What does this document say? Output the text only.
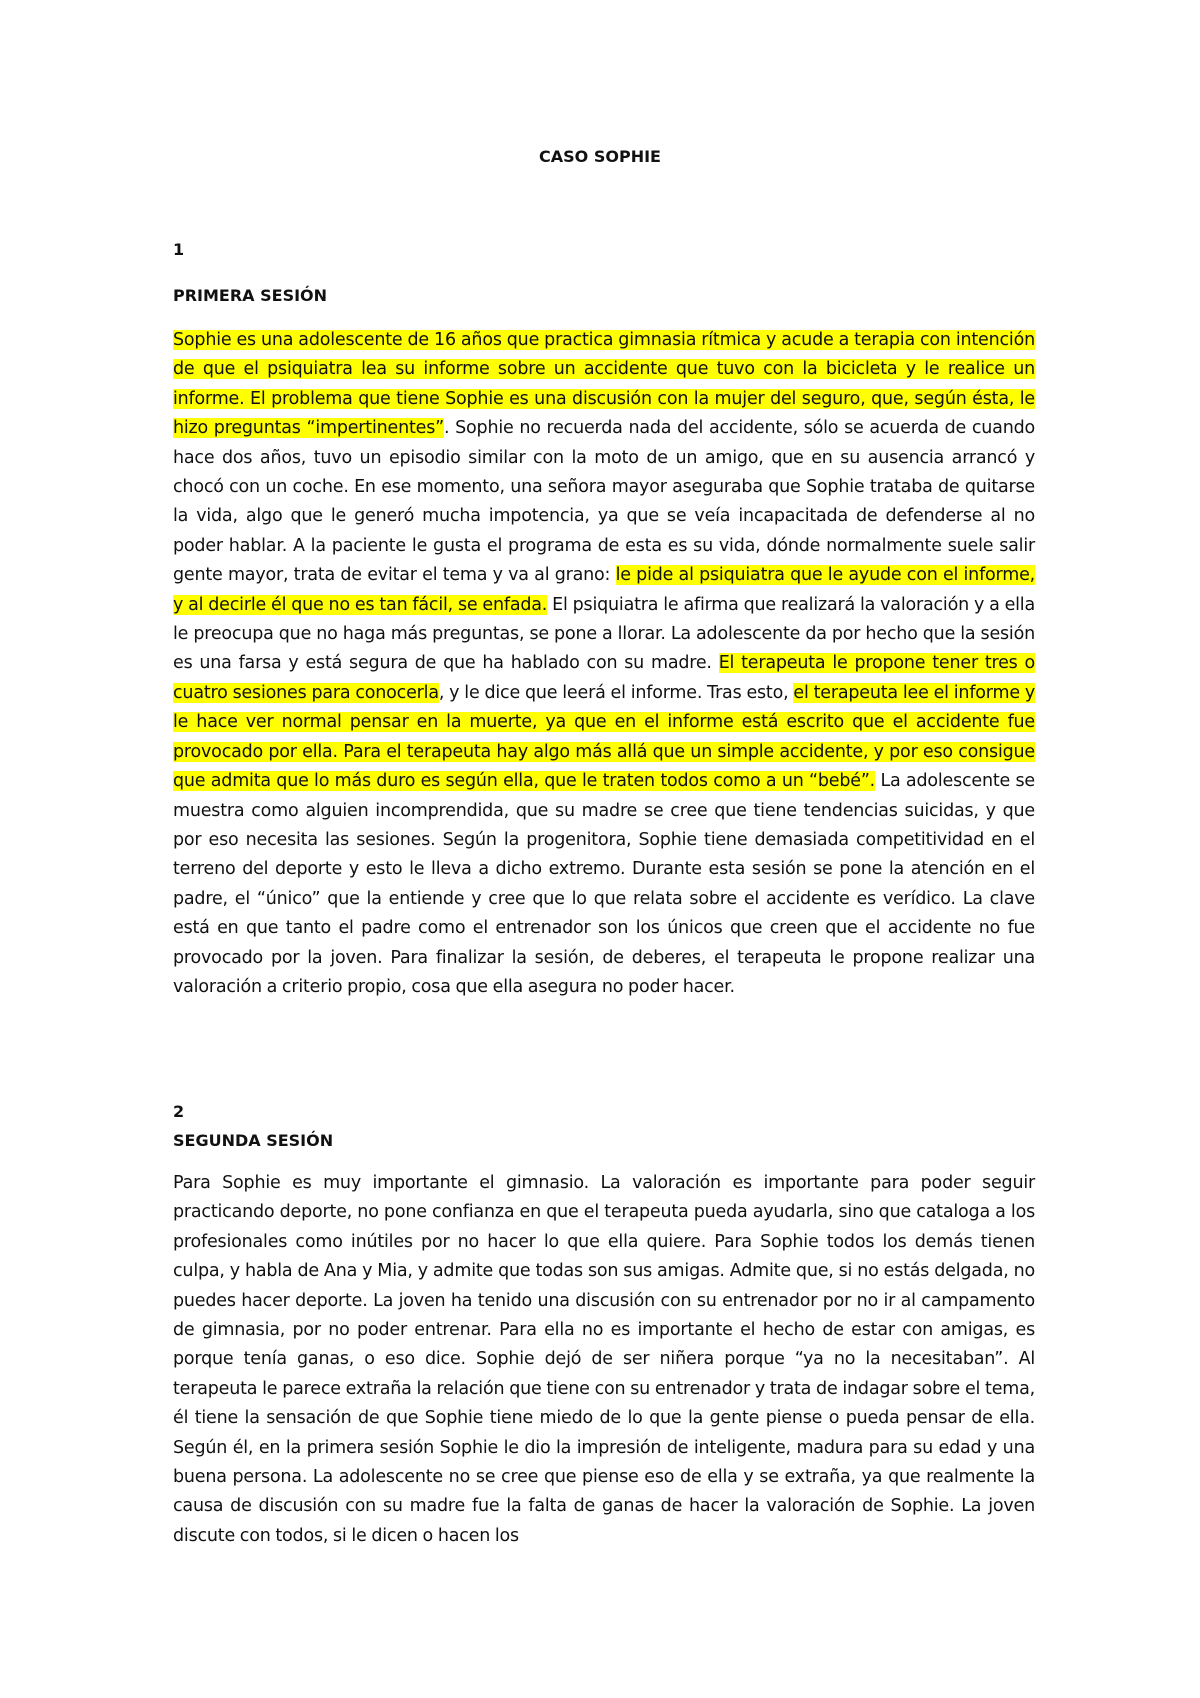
CASO SOPHIE
1
PRIMERA SESIÓN

Sophie es una adolescente de 16 años que practica gimnasia rítmica y acude a terapia con intención de que el psiquiatra lea su informe sobre un accidente que tuvo con la bicicleta y le realice un informe. El problema que tiene Sophie es una discusión con la mujer del seguro, que, según ésta, le hizo preguntas “impertinentes”. Sophie no recuerda nada del accidente, sólo se acuerda de cuando hace dos años, tuvo un episodio similar con la moto de un amigo, que en su ausencia arrancó y chocó con un coche. En ese momento, una señora mayor aseguraba que Sophie trataba de quitarse la vida, algo que le generó mucha impotencia, ya que se veía incapacitada de defenderse al no poder hablar. A la paciente le gusta el programa de esta es su vida, dónde normalmente suele salir gente mayor, trata de evitar el tema y va al grano: le pide al psiquiatra que le ayude con el informe, y al decirle él que no es tan fácil, se enfada. El psiquiatra le afirma que realizará la valoración y a ella le preocupa que no haga más preguntas, se pone a llorar. La adolescente da por hecho que la sesión es una farsa y está segura de que ha hablado con su madre. El terapeuta le propone tener tres o cuatro sesiones para conocerla, y le dice que leerá el informe. Tras esto, el terapeuta lee el informe y le hace ver normal pensar en la muerte, ya que en el informe está escrito que el accidente fue provocado por ella. Para el terapeuta hay algo más allá que un simple accidente, y por eso consigue que admita que lo más duro es según ella, que le traten todos como a un “bebé”. La adolescente se muestra como alguien incomprendida, que su madre se cree que tiene tendencias suicidas, y que por eso necesita las sesiones. Según la progenitora, Sophie tiene demasiada competitividad en el terreno del deporte y esto le lleva a dicho extremo. Durante esta sesión se pone la atención en el padre, el “único” que la entiende y cree que lo que relata sobre el accidente es verídico. La clave está en que tanto el padre como el entrenador son los únicos que creen que el accidente no fue provocado por la joven. Para finalizar la sesión, de deberes, el terapeuta le propone realizar una valoración a criterio propio, cosa que ella asegura no poder hacer.

2
SEGUNDA SESIÓN

Para Sophie es muy importante el gimnasio. La valoración es importante para poder seguir practicando deporte, no pone confianza en que el terapeuta pueda ayudarla, sino que cataloga a los profesionales como inútiles por no hacer lo que ella quiere. Para Sophie todos los demás tienen culpa, y habla de Ana y Mia, y admite que todas son sus amigas. Admite que, si no estás delgada, no puedes hacer deporte. La joven ha tenido una discusión con su entrenador por no ir al campamento de gimnasia, por no poder entrenar. Para ella no es importante el hecho de estar con amigas, es porque tenía ganas, o eso dice. Sophie dejó de ser niñera porque “ya no la necesitaban”. Al terapeuta le parece extraña la relación que tiene con su entrenador y trata de indagar sobre el tema, él tiene la sensación de que Sophie tiene miedo de lo que la gente piense o pueda pensar de ella. Según él, en la primera sesión Sophie le dio la impresión de inteligente, madura para su edad y una buena persona. La adolescente no se cree que piense eso de ella y se extraña, ya que realmente la causa de discusión con su madre fue la falta de ganas de hacer la valoración de Sophie. La joven discute con todos, si le dicen o hacen los
